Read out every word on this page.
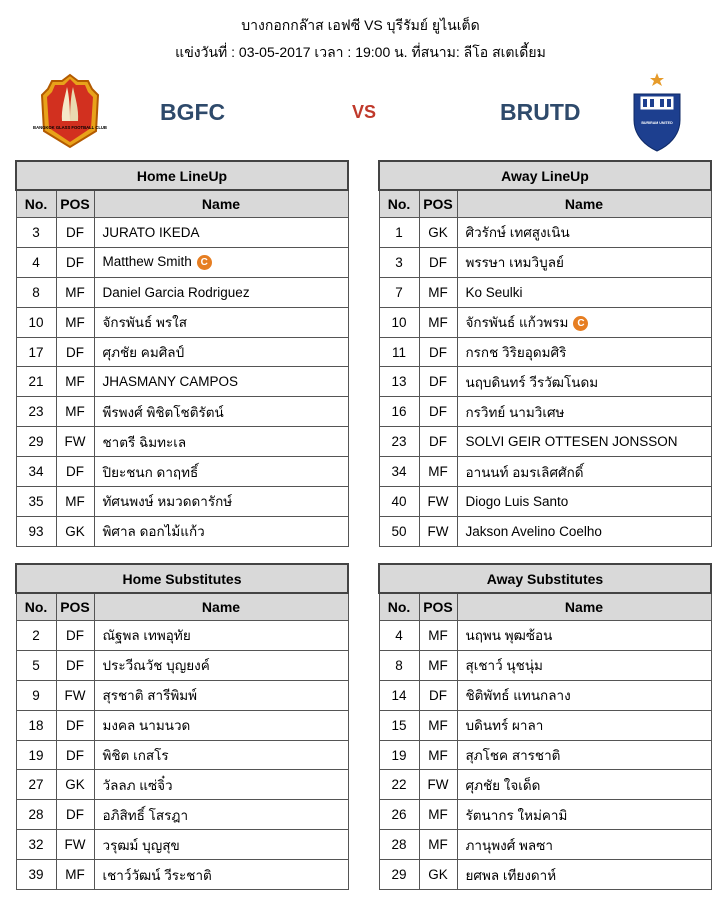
บางกอกกล๊าส เอฟซี VS บุรีรัมย์ ยูไนเต็ด
แข่งวันที่ : 03-05-2017 เวลา : 19:00 น. ที่สนาม: ลีโอ สเตเดี้ยม
BANGKOK GLASS FOOTBALL CLUB
BGFC	VS	BRUTD	BURIRAM UNITED
Home LineUp		
No.	POS	Name
3	DF	JURATO IKEDA
4	DF	Matthew Smith C
8	MF	Daniel Garcia Rodriguez
10	MF	จักรพันธ์ พรใส
17	DF	ศุภชัย คมศิลป์
21	MF	JHASMANY CAMPOS
23	MF	พีรพงศ์ พิชิตโชติรัตน์
29	FW	ชาตรี ฉิมทะเล
34	DF	ปิยะชนก ดาฤทธิ์
35	MF	ทัศนพงษ์ หมวดดารักษ์
93	GK	พิศาล ดอกไม้แก้ว
Away LineUp		
No.	POS	Name
1	GK	ศิวรักษ์ เทศสูงเนิน
3	DF	พรรษา เหมวิบูลย์
7	MF	Ko Seulki
10	MF	จักรพันธ์ แก้วพรม C
11	DF	กรกช วิริยอุดมศิริ
13	DF	นฤบดินทร์ วีรวัฒโนดม
16	DF	กรวิทย์ นามวิเศษ
23	DF	SOLVI GEIR OTTESEN JONSSON
34	MF	อานนท์ อมรเลิศศักดิ์
40	FW	Diogo Luis Santo
50	FW	Jakson Avelino Coelho
Home Substitutes		
No.	POS	Name
2	DF	ณัฐพล เทพอุทัย
5	DF	ประวีณวัช บุญยงค์
9	FW	สุรชาติ สารีพิมพ์
18	DF	มงคล นามนวด
19	DF	พิชิต เกสโร
27	GK	วัลลภ แซ่จิ๋ว
28	DF	อภิสิทธิ์ โสรฎา
32	FW	วรุฒม์ บุญสุข
39	MF	เชาว์วัฒน์ วีระชาติ
Away Substitutes		
No.	POS	Name
4	MF	นฤพน พุฒซ้อน
8	MF	สุเชาว์ นุชนุ่ม
14	DF	ชิติพัทธ์ แทนกลาง
15	MF	บดินทร์ ผาลา
19	MF	สุภโชค สารชาติ
22	FW	ศุภชัย ใจเด็ด
26	MF	รัตนากร ใหม่คามิ
28	MF	ภานุพงศ์ พลซา
29	GK	ยศพล เทียงดาห์
